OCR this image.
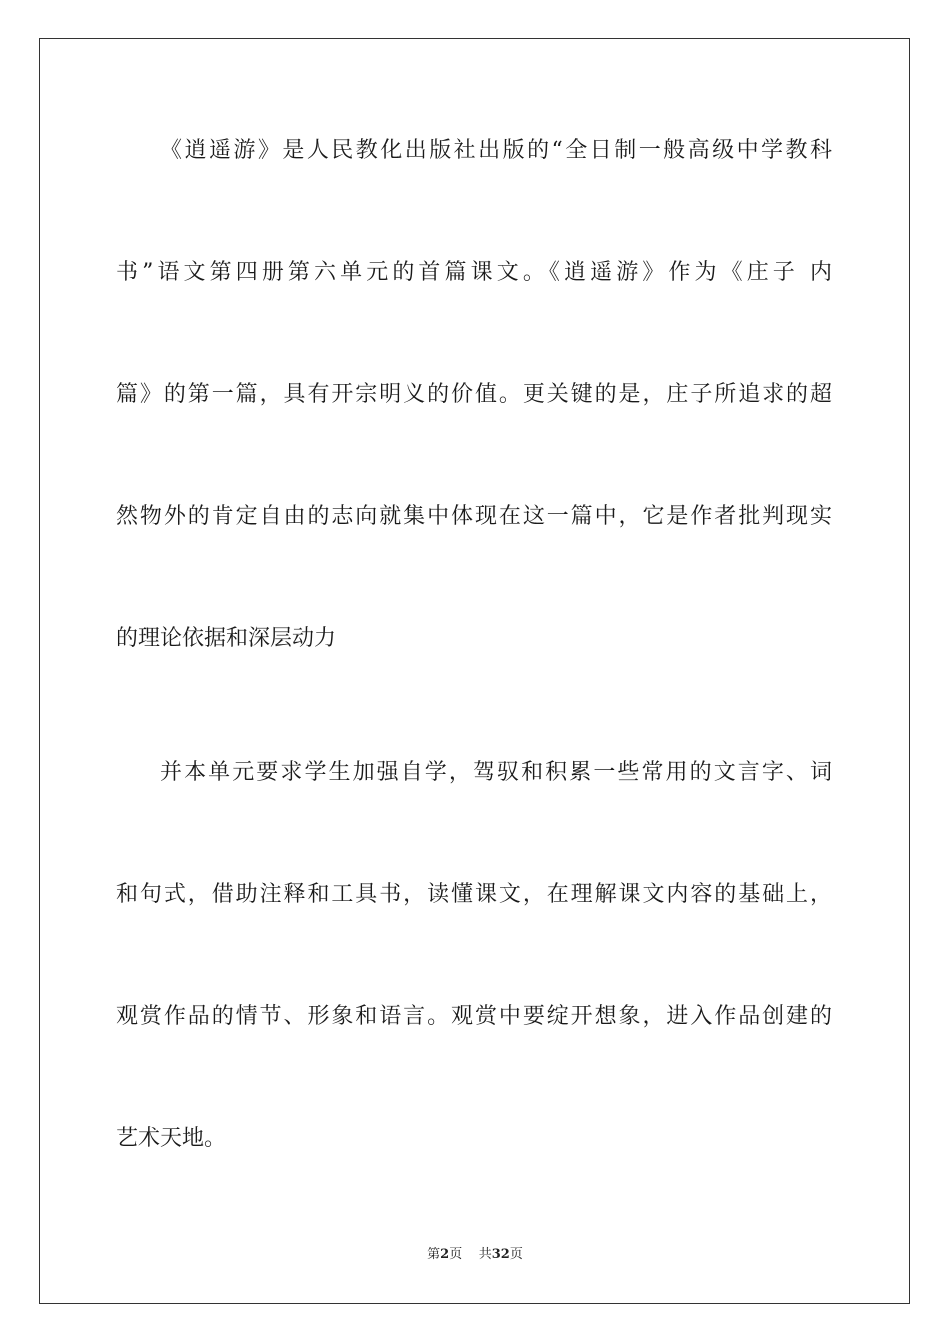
《逍遥游》是人民教化出版社出版的“全日制一般高级中学教科
书”语文第四册第六单元的首篇课文。《逍遥游》作为《庄子 内
篇》的第一篇，具有开宗明义的价值。更关键的是，庄子所追求的超
然物外的肯定自由的志向就集中体现在这一篇中，它是作者批判现实
的理论依据和深层动力
并本单元要求学生加强自学，驾驭和积累一些常用的文言字、词
和句式，借助注释和工具书，读懂课文，在理解课文内容的基础上，
观赏作品的情节、形象和语言。观赏中要绽开想象，进入作品创建的
艺术天地。
第2页 共32页
